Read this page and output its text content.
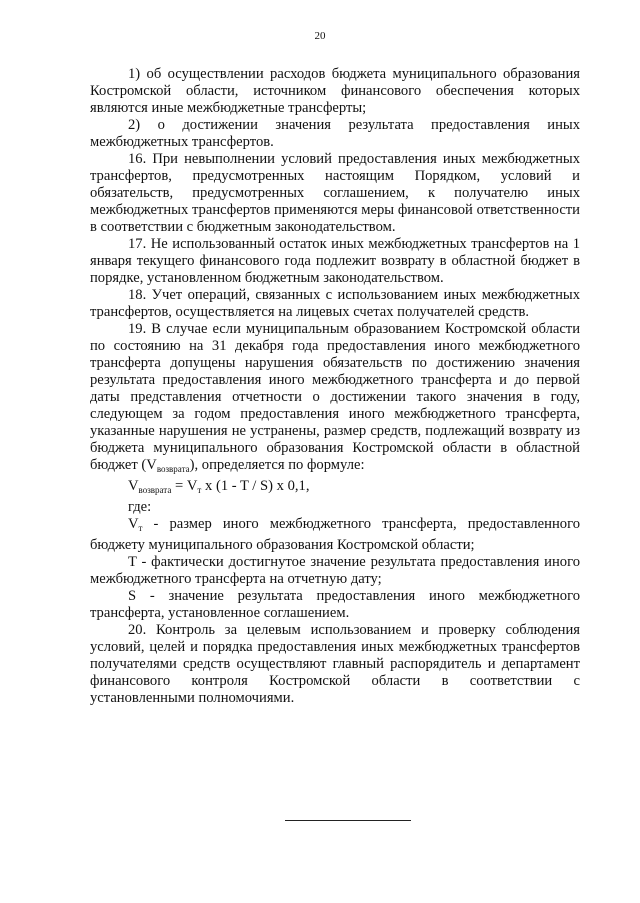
20

1) об осуществлении расходов бюджета муниципального образования Костромской области, источником финансового обеспечения которых являются иные межбюджетные трансферты;

2) о достижении значения результата предоставления иных межбюджетных трансфертов.

16. При невыполнении условий предоставления иных межбюджетных трансфертов, предусмотренных настоящим Порядком, условий и обязательств, предусмотренных соглашением, к получателю иных межбюджетных трансфертов применяются меры финансовой ответственности в соответствии с бюджетным законодательством.

17. Не использованный остаток иных межбюджетных трансфертов на 1 января текущего финансового года подлежит возврату в областной бюджет в порядке, установленном бюджетным законодательством.

18. Учет операций, связанных с использованием иных межбюджетных трансфертов, осуществляется на лицевых счетах получателей средств.

19. В случае если муниципальным образованием Костромской области по состоянию на 31 декабря года предоставления иного межбюджетного трансферта допущены нарушения обязательств по достижению значения результата предоставления иного межбюджетного трансферта и до первой даты представления отчетности о достижении такого значения в году, следующем за годом предоставления иного межбюджетного трансферта, указанные нарушения не устранены, размер средств, подлежащий возврату из бюджета муниципального образования Костромской области в областной бюджет $(V_{возврата})$, определяется по формуле:

$V_{возврата} = V_т$ x (1 - T / S) x 0,1,

где:

$V_т$ - размер иного межбюджетного трансферта, предоставленного бюджету муниципального образования Костромской области;

T - фактически достигнутое значение результата предоставления иного межбюджетного трансферта на отчетную дату;

S - значение результата предоставления иного межбюджетного трансферта, установленное соглашением.

20. Контроль за целевым использованием и проверку соблюдения условий, целей и порядка предоставления иных межбюджетных трансфертов получателями средств осуществляют главный распорядитель и департамент финансового контроля Костромской области в соответствии с установленными полномочиями.
